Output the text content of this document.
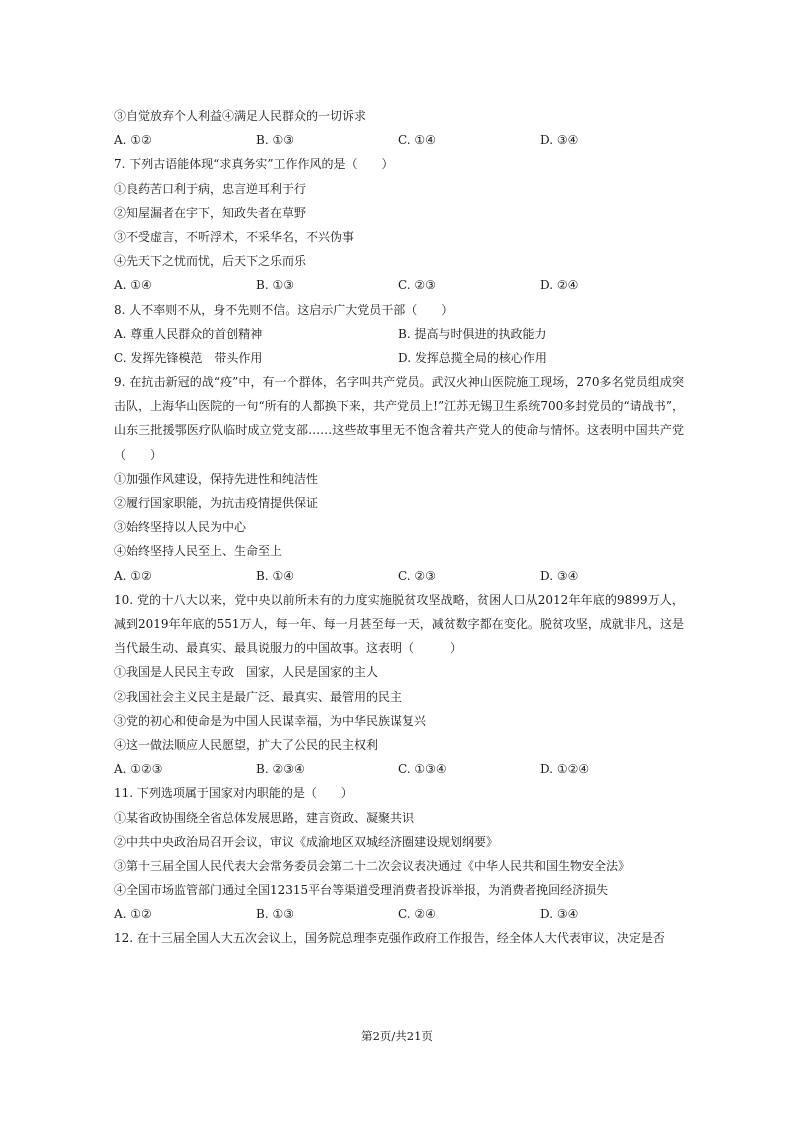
③自觉放弃个人利益④满足人民群众的一切诉求
A. ①②	B. ①③	C. ①④	D. ③④
7. 下列古语能体现“求真务实”工作作风的是（　　）
①良药苦口利于病，忠言逆耳利于行
②知屋漏者在宇下，知政失者在草野
③不受虚言，不听浮术，不采华名，不兴伪事
④先天下之忧而忧，后天下之乐而乐
A. ①④	B. ①③	C. ②③	D. ②④
8. 人不率则不从，身不先则不信。这启示广大党员干部（　　）
A. 尊重人民群众的首创精神	B. 提高与时俱进的执政能力
C. 发挥先锋模范　带头作用	D. 发挥总揽全局的核心作用
9. 在抗击新冠的战“疫”中，有一个群体，名字叫共产党员。武汉火神山医院施工现场，270多名党员组成突击队，上海华山医院的一句“所有的人都换下来，共产党员上!”江苏无锡卫生系统700多封党员的“请战书”，山东三批援鄂医疗队临时成立党支部……这些故事里无不饱含着共产党人的使命与情怀。这表明中国共产党（　　）
①加强作风建设，保持先进性和纯洁性
②履行国家职能，为抗击疫情提供保证
③始终坚持以人民为中心
④始终坚持人民至上、生命至上
A. ①②	B. ①④	C. ②③	D. ③④
10. 党的十八大以来，党中央以前所未有的力度实施脱贫攻坚战略，贫困人口从2012年年底的9899万人，减到2019年年底的551万人，每一年、每一月甚至每一天，减贫数字都在变化。脱贫攻坚，成就非凡，这是当代最生动、最真实、最具说服力的中国故事。这表明（　　　）
①我国是人民民主专政　国家，人民是国家的主人
②我国社会主义民主是最广泛、最真实、最管用的民主
③党的初心和使命是为中国人民谋幸福，为中华民族谋复兴
④这一做法顺应人民愿望，扩大了公民的民主权利
A. ①②③	B. ②③④	C. ①③④	D. ①②④
11. 下列选项属于国家对内职能的是（　　）
①某省政协围绕全省总体发展思路，建言资政、凝聚共识
②中共中央政治局召开会议，审议《成渝地区双城经济圈建设规划纲要》
③第十三届全国人民代表大会常务委员会第二十二次会议表决通过《中华人民共和国生物安全法》
④全国市场监管部门通过全国12315平台等渠道受理消费者投诉举报，为消费者挽回经济损失
A. ①②	B. ①③	C. ②④	D. ③④
12. 在十三届全国人大五次会议上，国务院总理李克强作政府工作报告，经全体人大代表审议，决定是否
第2页/共21页
